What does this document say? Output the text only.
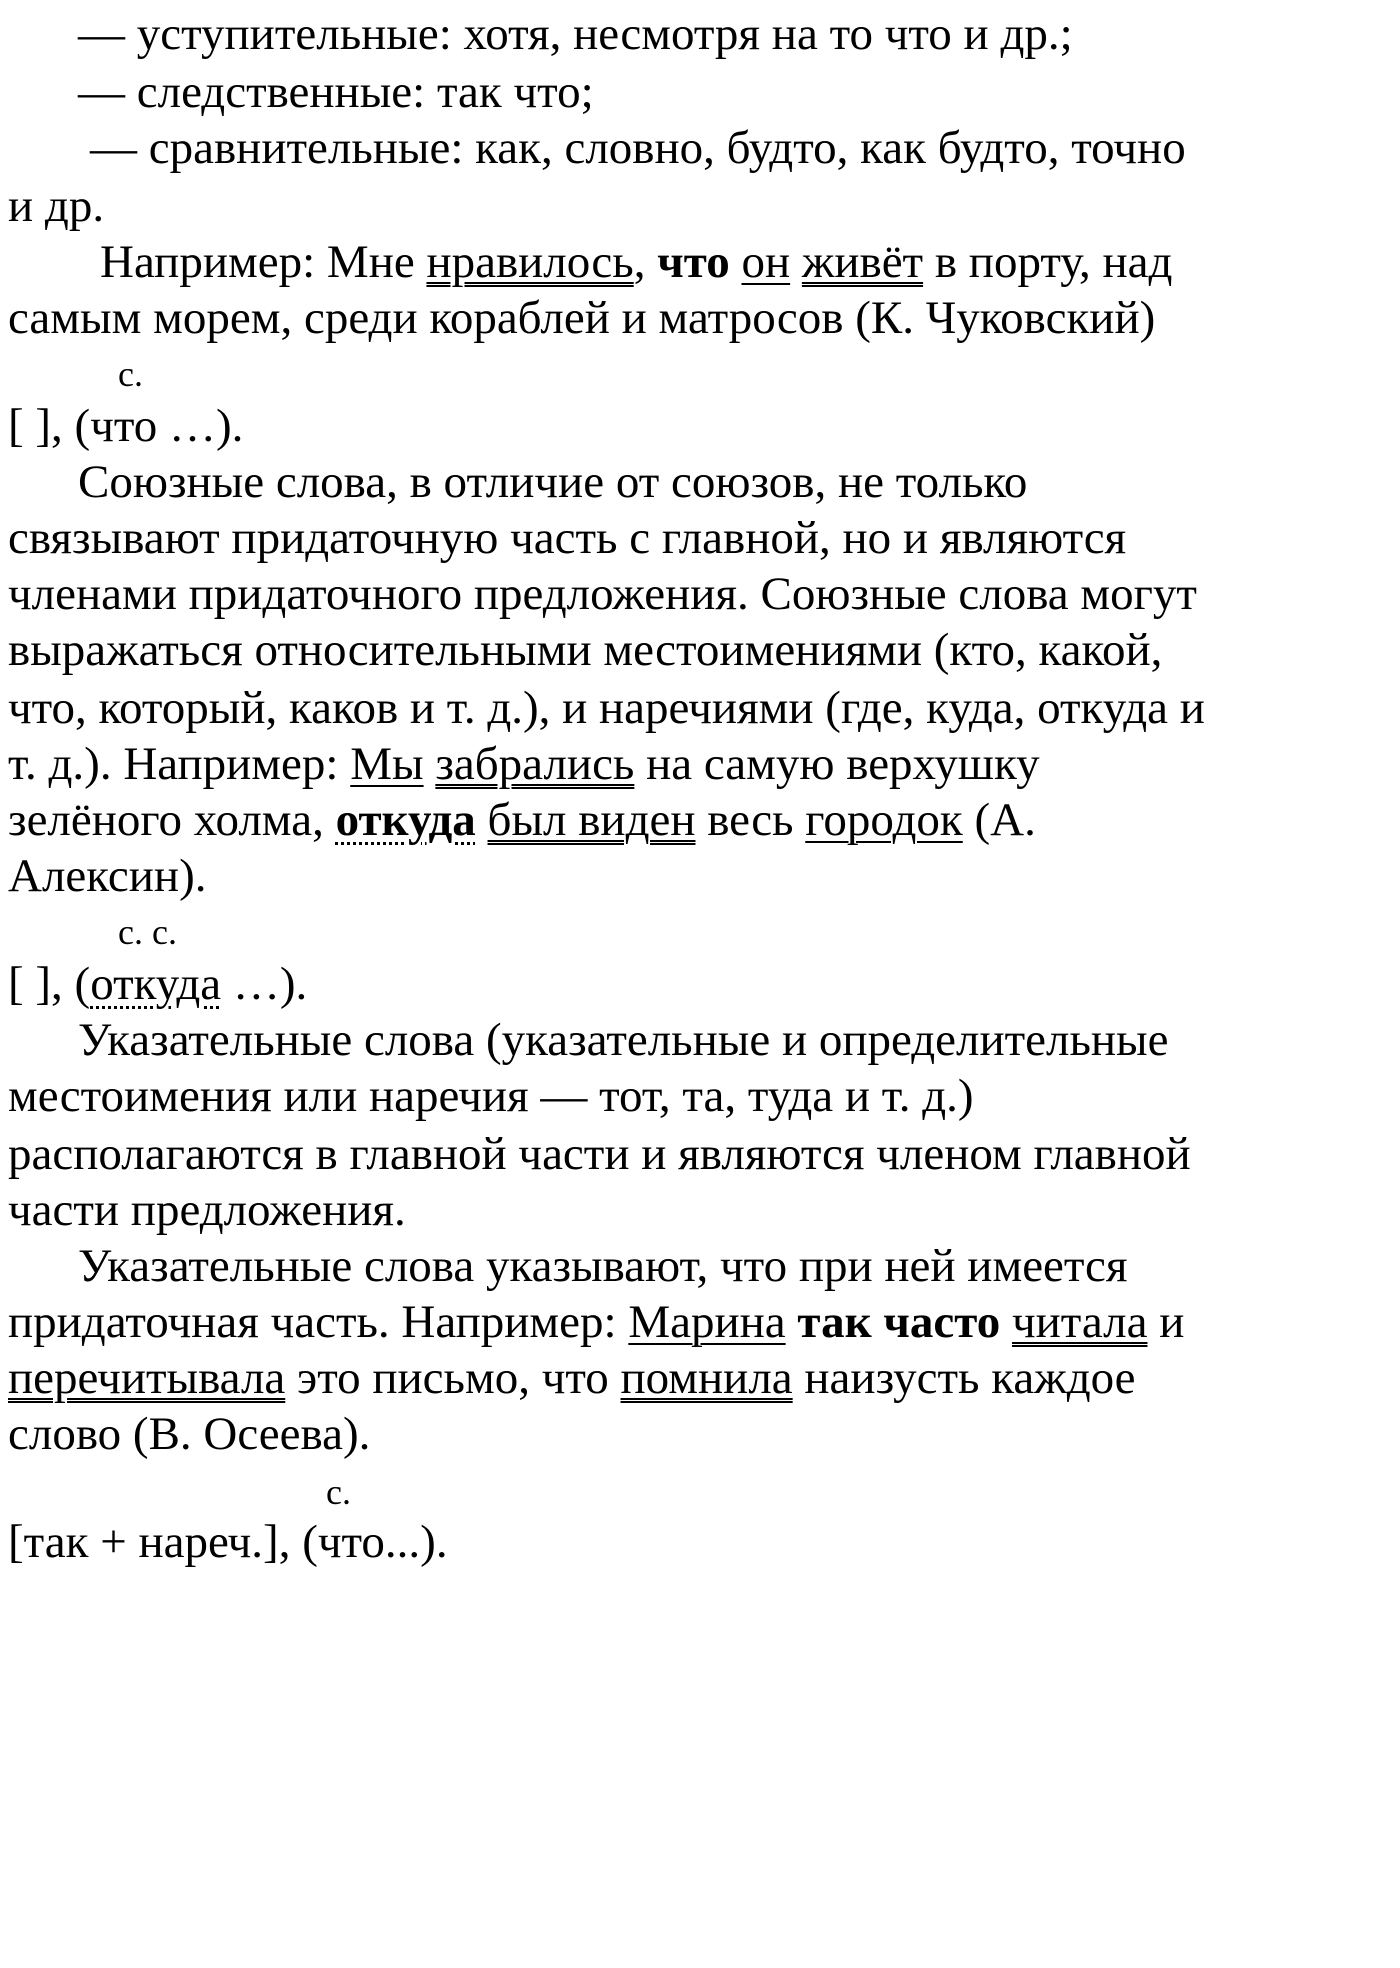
— уступительные: хотя, несмотря на то что и др.;
— следственные: так что;
— сравнительные: как, словно, будто, как будто, точно
и др.
Например: Мне нравилось, что он живёт в порту, над
самым морем, среди кораблей и матросов (К. Чуковский)
с.
[ ], (что …).
Союзные слова, в отличие от союзов, не только
связывают придаточную часть с главной, но и являются
членами придаточного предложения. Союзные слова могут
выражаться относительными местоимениями (кто, какой,
что, который, каков и т. д.), и наречиями (где, куда, откуда и
т. д.). Например: Мы забрались на самую верхушку
зелёного холма, откуда был виден весь городок (А.
Алексин).
с. с.
[ ], (откуда …).
Указательные слова (указательные и определительные
местоимения или наречия — тот, та, туда и т. д.)
располагаются в главной части и являются членом главной
части предложения.
Указательные слова указывают, что при ней имеется
придаточная часть. Например: Марина так часто читала и
перечитывала это письмо, что помнила наизусть каждое
слово (В. Осеева).
с.
[так + нареч.], (что...).
